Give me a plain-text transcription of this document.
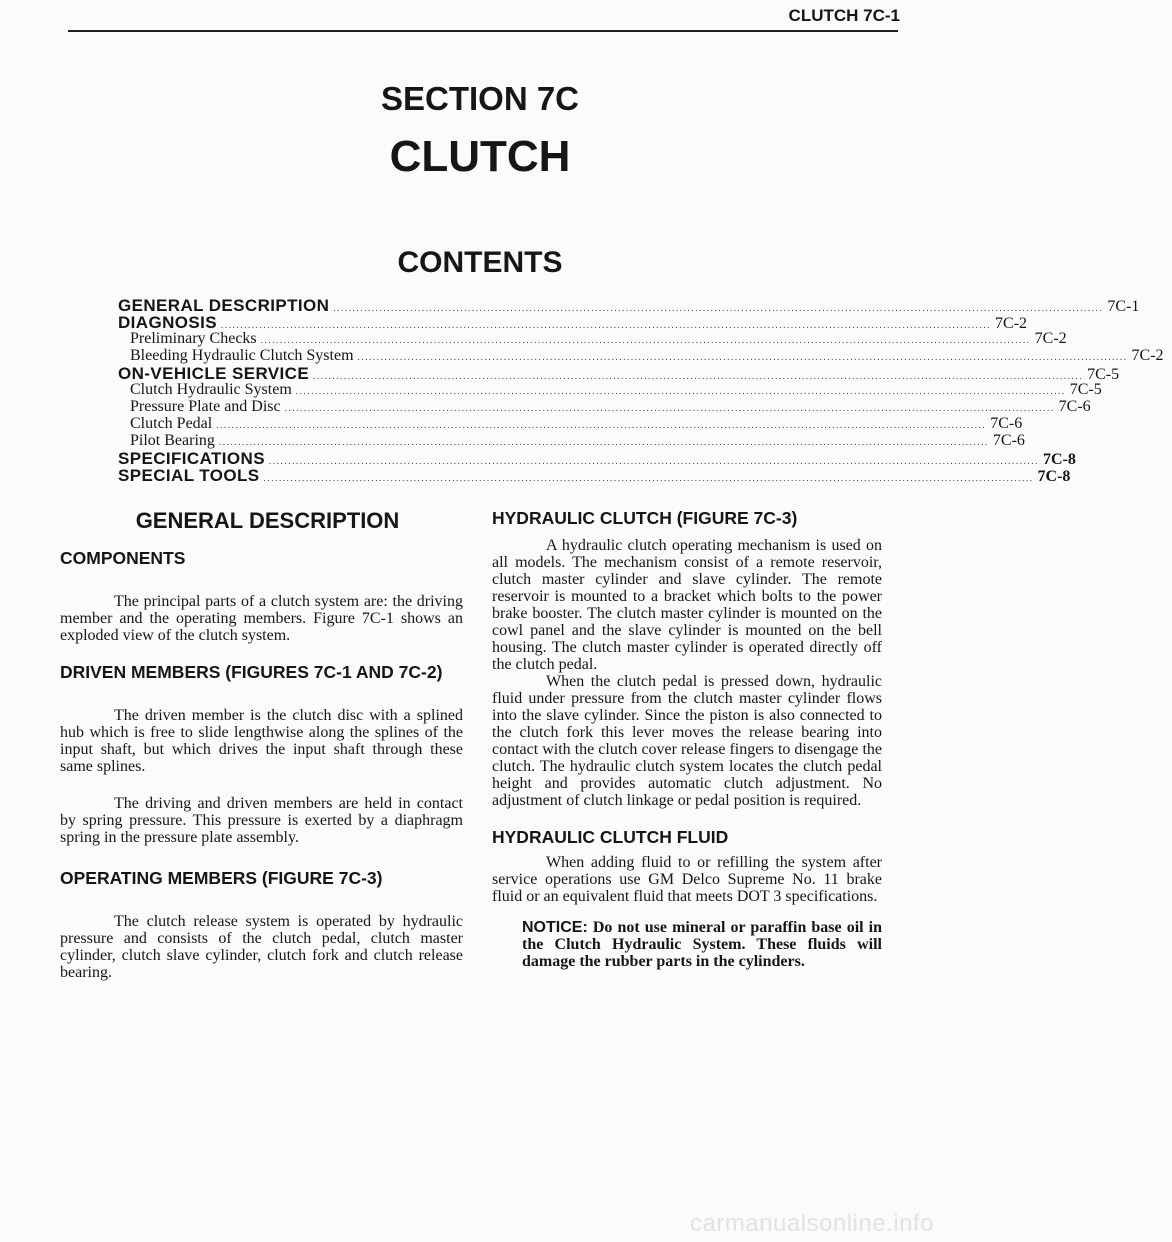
CLUTCH 7C-1
SECTION 7C
CLUTCH
CONTENTS
GENERAL DESCRIPTION ........................................................................................................................................................................................................ 7C-1
DIAGNOSIS ........................................................................................................................................................................................................ 7C-2
Preliminary Checks ........................................................................................................................................................................................................ 7C-2
Bleeding Hydraulic Clutch System ........................................................................................................................................................................................................ 7C-2
ON-VEHICLE SERVICE ........................................................................................................................................................................................................ 7C-5
Clutch Hydraulic System ........................................................................................................................................................................................................ 7C-5
Pressure Plate and Disc ........................................................................................................................................................................................................ 7C-6
Clutch Pedal ........................................................................................................................................................................................................ 7C-6
Pilot Bearing ........................................................................................................................................................................................................ 7C-6
SPECIFICATIONS ........................................................................................................................................................................................................ 7C-8
SPECIAL TOOLS ........................................................................................................................................................................................................ 7C-8
GENERAL DESCRIPTION
COMPONENTS

The principal parts of a clutch system are: the driving member and the operating members. Figure 7C-1 shows an exploded view of the clutch system.

DRIVEN MEMBERS (FIGURES 7C-1 AND 7C-2)

The driven member is the clutch disc with a splined hub which is free to slide lengthwise along the splines of the input shaft, but which drives the input shaft through these same splines.

The driving and driven members are held in contact by spring pressure. This pressure is exerted by a diaphragm spring in the pressure plate assembly.

OPERATING MEMBERS (FIGURE 7C-3)

The clutch release system is operated by hydraulic pressure and consists of the clutch pedal, clutch master cylinder, clutch slave cylinder, clutch fork and clutch release bearing.

HYDRAULIC CLUTCH (FIGURE 7C-3)

A hydraulic clutch operating mechanism is used on all models. The mechanism consist of a remote reservoir, clutch master cylinder and slave cylinder. The remote reservoir is mounted to a bracket which bolts to the power brake booster. The clutch master cylinder is mounted on the cowl panel and the slave cylinder is mounted on the bell housing. The clutch master cylinder is operated directly off the clutch pedal.

When the clutch pedal is pressed down, hydraulic fluid under pressure from the clutch master cylinder flows into the slave cylinder. Since the piston is also connected to the clutch fork this lever moves the release bearing into contact with the clutch cover release fingers to disengage the clutch. The hydraulic clutch system locates the clutch pedal height and provides automatic clutch adjustment. No adjustment of clutch linkage or pedal position is required.

HYDRAULIC CLUTCH FLUID

When adding fluid to or refilling the system after service operations use GM Delco Supreme No. 11 brake fluid or an equivalent fluid that meets DOT 3 specifications.

NOTICE: Do not use mineral or paraffin base oil in the Clutch Hydraulic System. These fluids will damage the rubber parts in the cylinders.
carmanualsonline.info
